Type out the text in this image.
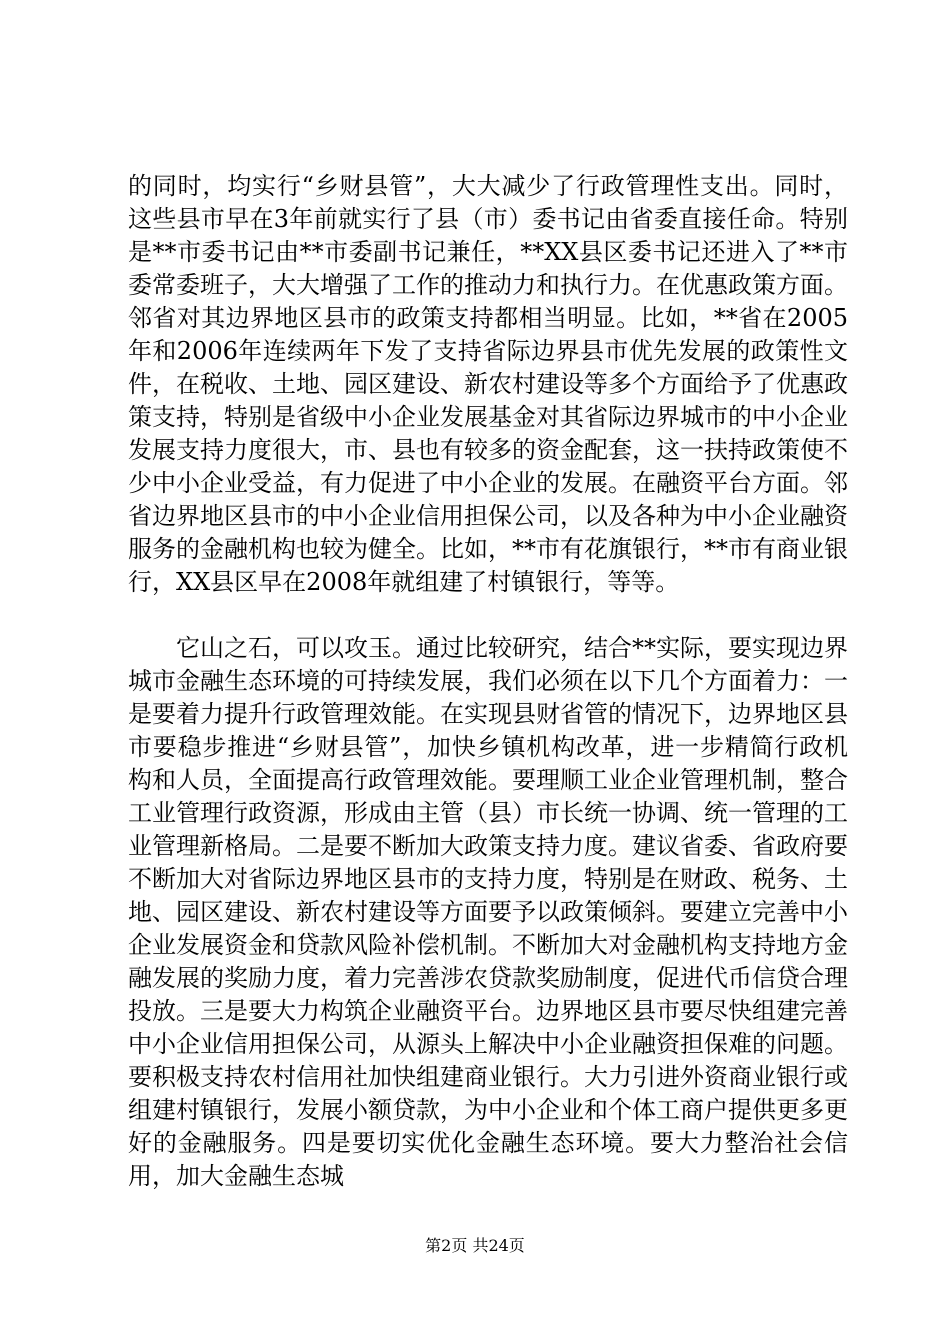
的同时，均实行“乡财县管”，大大减少了行政管理性支出。同时，这些县市早在3年前就实行了县（市）委书记由省委直接任命。特别是**市委书记由**市委副书记兼任，**XX县区委书记还进入了**市委常委班子，大大增强了工作的推动力和执行力。在优惠政策方面。邻省对其边界地区县市的政策支持都相当明显。比如，**省在2005年和2006年连续两年下发了支持省际边界县市优先发展的政策性文件，在税收、土地、园区建设、新农村建设等多个方面给予了优惠政策支持，特别是省级中小企业发展基金对其省际边界城市的中小企业发展支持力度很大，市、县也有较多的资金配套，这一扶持政策使不少中小企业受益，有力促进了中小企业的发展。在融资平台方面。邻省边界地区县市的中小企业信用担保公司，以及各种为中小企业融资服务的金融机构也较为健全。比如，**市有花旗银行，**市有商业银行，XX县区早在2008年就组建了村镇银行，等等。

它山之石，可以攻玉。通过比较研究，结合**实际，要实现边界城市金融生态环境的可持续发展，我们必须在以下几个方面着力：一是要着力提升行政管理效能。在实现县财省管的情况下，边界地区县市要稳步推进“乡财县管”，加快乡镇机构改革，进一步精简行政机构和人员，全面提高行政管理效能。要理顺工业企业管理机制，整合工业管理行政资源，形成由主管（县）市长统一协调、统一管理的工业管理新格局。二是要不断加大政策支持力度。建议省委、省政府要不断加大对省际边界地区县市的支持力度，特别是在财政、税务、土地、园区建设、新农村建设等方面要予以政策倾斜。要建立完善中小企业发展资金和贷款风险补偿机制。不断加大对金融机构支持地方金融发展的奖励力度，着力完善涉农贷款奖励制度，促进代币信贷合理投放。三是要大力构筑企业融资平台。边界地区县市要尽快组建完善中小企业信用担保公司，从源头上解决中小企业融资担保难的问题。要积极支持农村信用社加快组建商业银行。大力引进外资商业银行或组建村镇银行，发展小额贷款，为中小企业和个体工商户提供更多更好的金融服务。四是要切实优化金融生态环境。要大力整治社会信用，加大金融生态城

第2页 共24页
